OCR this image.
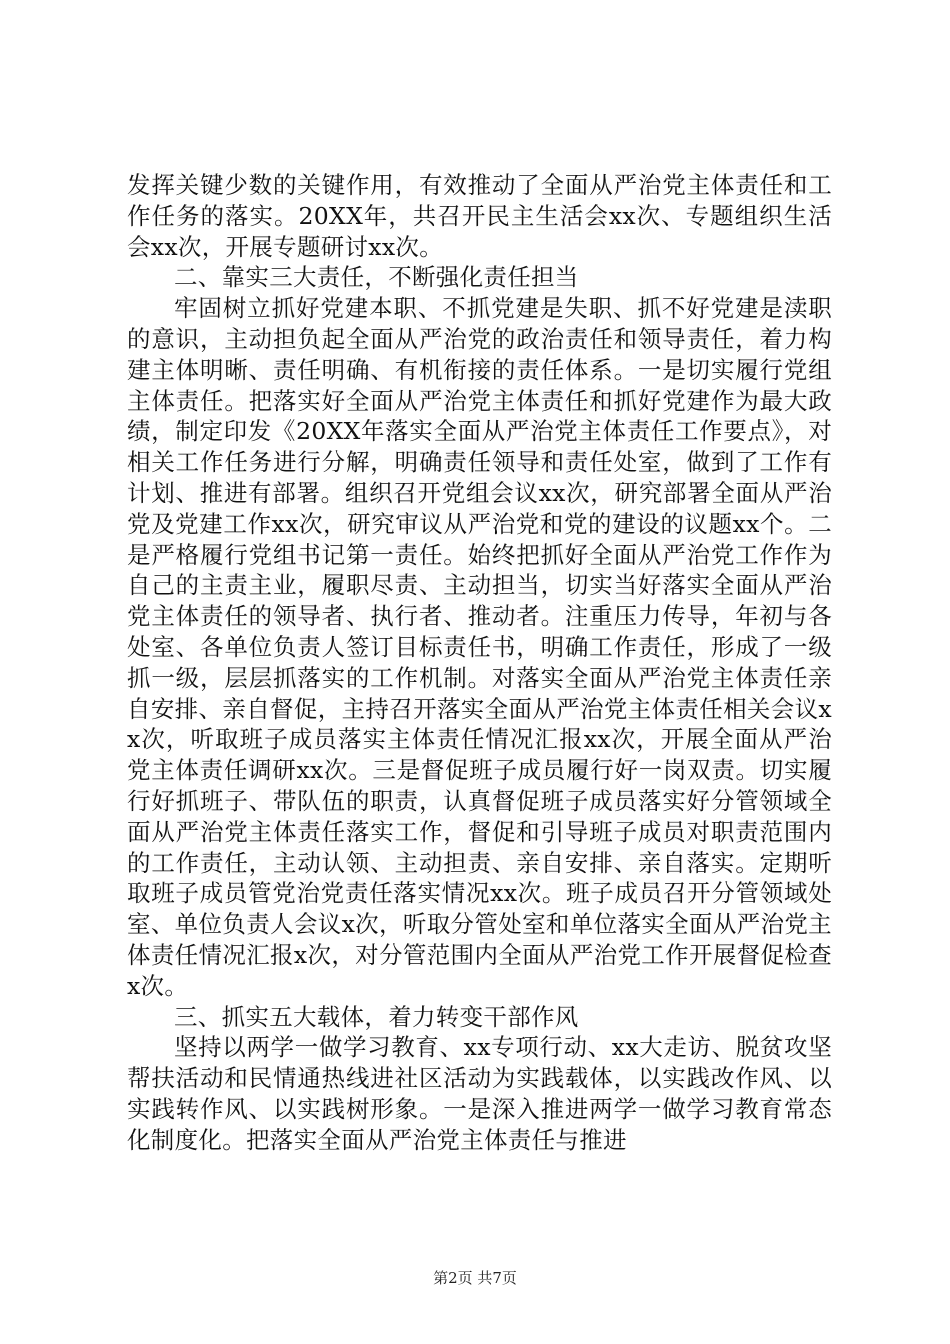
发挥关键少数的关键作用，有效推动了全面从严治党主体责任和工作任务的落实。20XX年，共召开民主生活会xx次、专题组织生活会xx次，开展专题研讨xx次。

二、靠实三大责任，不断强化责任担当

牢固树立抓好党建本职、不抓党建是失职、抓不好党建是渎职的意识，主动担负起全面从严治党的政治责任和领导责任，着力构建主体明晰、责任明确、有机衔接的责任体系。一是切实履行党组主体责任。把落实好全面从严治党主体责任和抓好党建作为最大政绩，制定印发《20XX年落实全面从严治党主体责任工作要点》，对相关工作任务进行分解，明确责任领导和责任处室，做到了工作有计划、推进有部署。组织召开党组会议xx次，研究部署全面从严治党及党建工作xx次，研究审议从严治党和党的建设的议题xx个。二是严格履行党组书记第一责任。始终把抓好全面从严治党工作作为自己的主责主业，履职尽责、主动担当，切实当好落实全面从严治党主体责任的领导者、执行者、推动者。注重压力传导，年初与各处室、各单位负责人签订目标责任书，明确工作责任，形成了一级抓一级，层层抓落实的工作机制。对落实全面从严治党主体责任亲自安排、亲自督促，主持召开落实全面从严治党主体责任相关会议xx次，听取班子成员落实主体责任情况汇报xx次，开展全面从严治党主体责任调研xx次。三是督促班子成员履行好一岗双责。切实履行好抓班子、带队伍的职责，认真督促班子成员落实好分管领域全面从严治党主体责任落实工作，督促和引导班子成员对职责范围内的工作责任，主动认领、主动担责、亲自安排、亲自落实。定期听取班子成员管党治党责任落实情况xx次。班子成员召开分管领域处室、单位负责人会议x次，听取分管处室和单位落实全面从严治党主体责任情况汇报x次，对分管范围内全面从严治党工作开展督促检查x次。

三、抓实五大载体，着力转变干部作风

坚持以两学一做学习教育、xx专项行动、xx大走访、脱贫攻坚帮扶活动和民情通热线进社区活动为实践载体，以实践改作风、以实践转作风、以实践树形象。一是深入推进两学一做学习教育常态化制度化。把落实全面从严治党主体责任与推进

第2页 共7页
